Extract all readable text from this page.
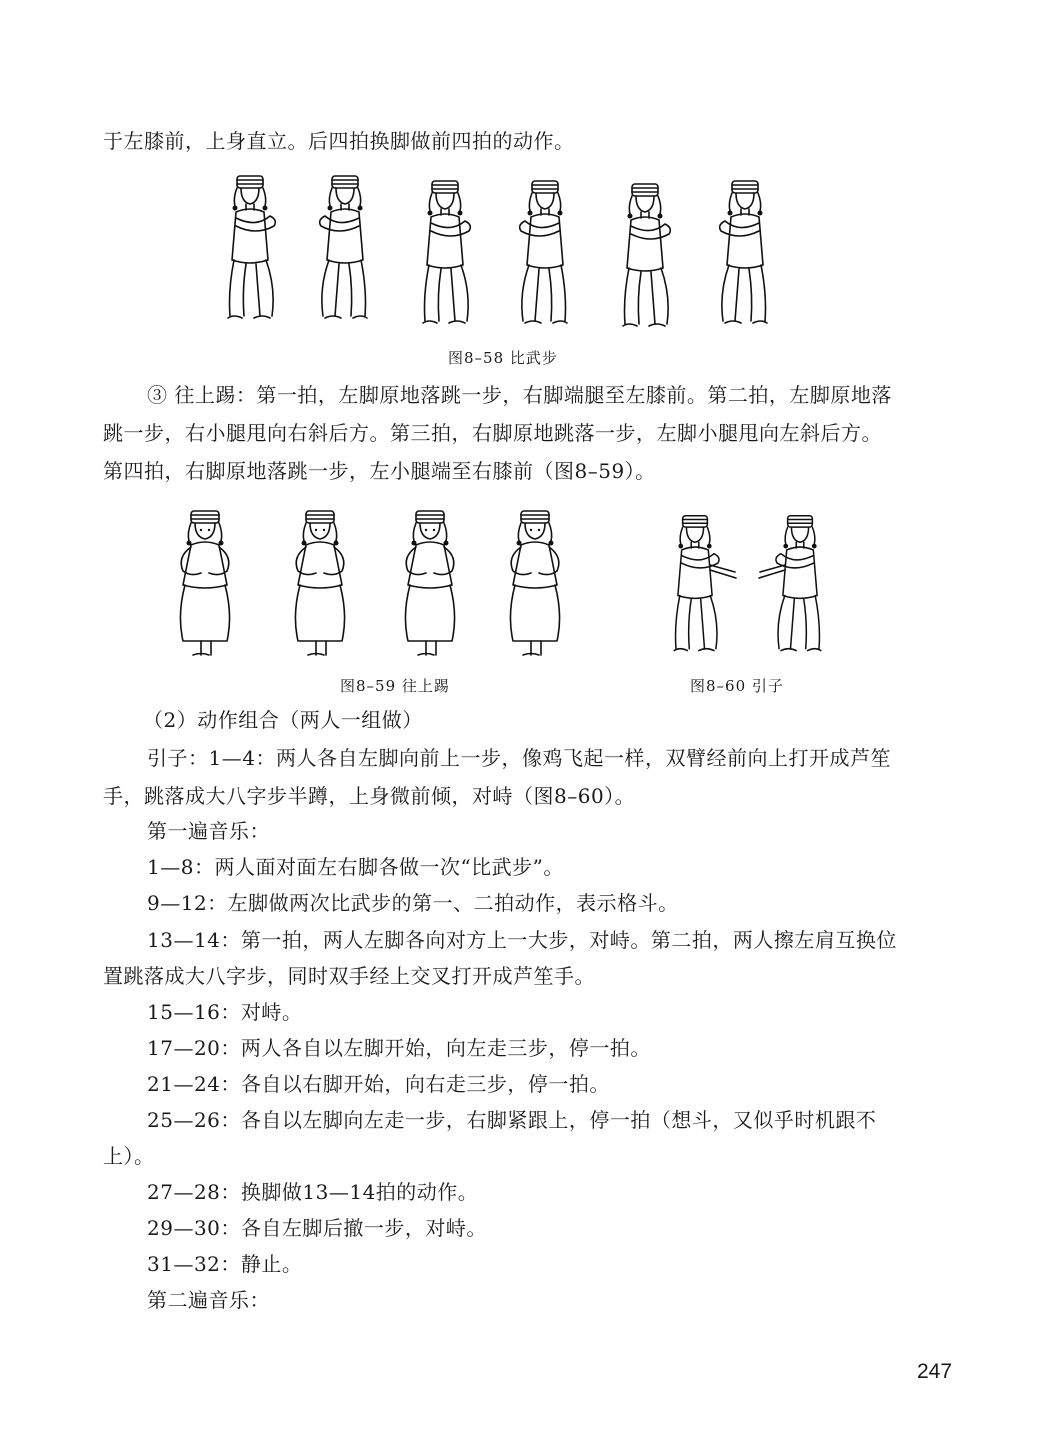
于左膝前，上身直立。后四拍换脚做前四拍的动作。
图8–58 比武步
③ 往上踢：第一拍，左脚原地落跳一步，右脚端腿至左膝前。第二拍，左脚原地落
跳一步，右小腿甩向右斜后方。第三拍，右脚原地跳落一步，左脚小腿甩向左斜后方。
第四拍，右脚原地落跳一步，左小腿端至右膝前（图8–59）。
图8–59 往上踢	图8–60 引子
（2）动作组合（两人一组做）
引子：1—4：两人各自左脚向前上一步，像鸡飞起一样，双臂经前向上打开成芦笙
手，跳落成大八字步半蹲，上身微前倾，对峙（图8–60）。
第一遍音乐：
1—8：两人面对面左右脚各做一次“比武步”。
9—12：左脚做两次比武步的第一、二拍动作，表示格斗。
13—14：第一拍，两人左脚各向对方上一大步，对峙。第二拍，两人擦左肩互换位
置跳落成大八字步，同时双手经上交叉打开成芦笙手。
15—16：对峙。
17—20：两人各自以左脚开始，向左走三步，停一拍。
21—24：各自以右脚开始，向右走三步，停一拍。
25—26：各自以左脚向左走一步，右脚紧跟上，停一拍（想斗，又似乎时机跟不
上）。
27—28：换脚做13—14拍的动作。
29—30：各自左脚后撤一步，对峙。
31—32：静止。
第二遍音乐：
247
